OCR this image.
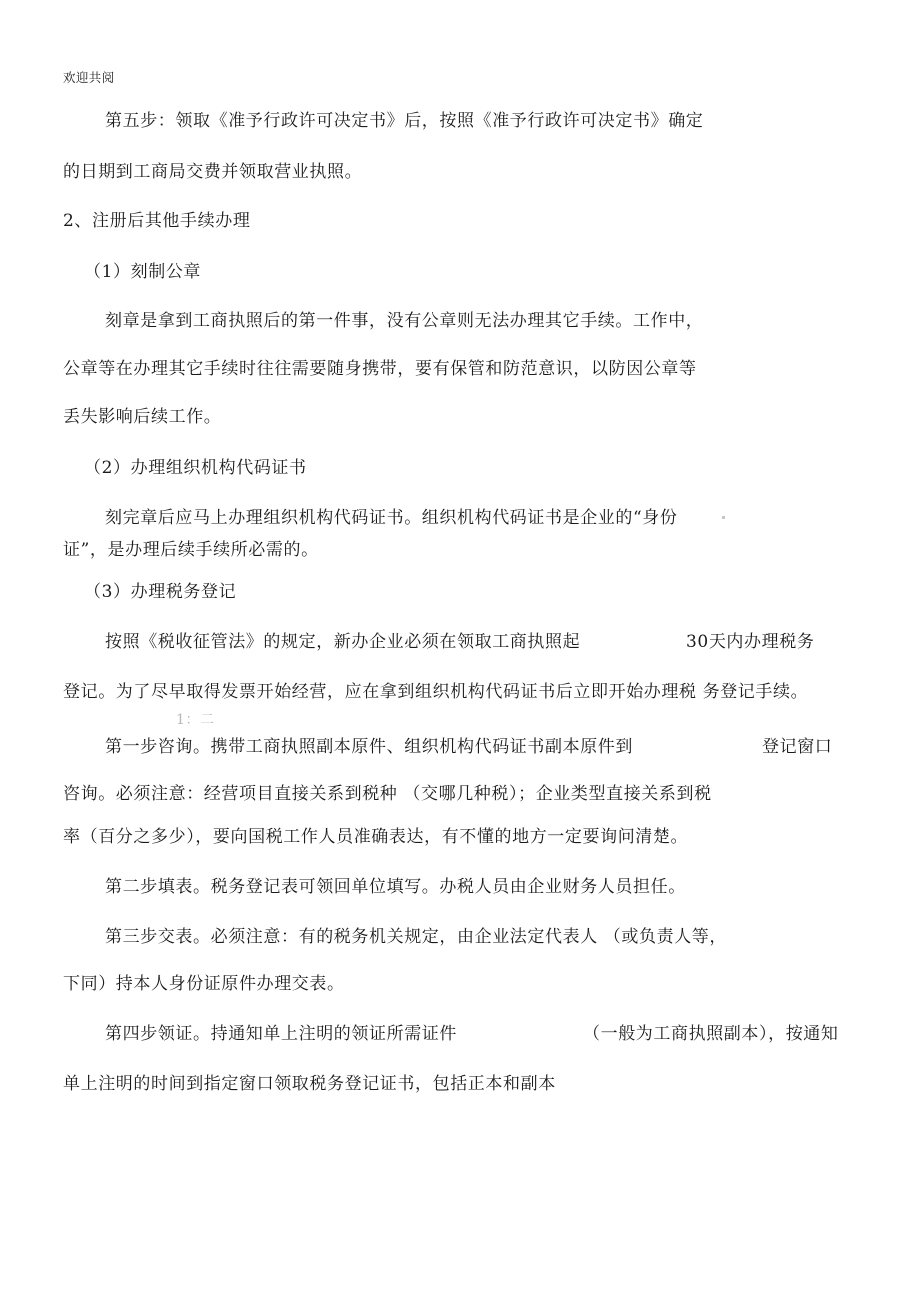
欢迎共阅
第五步：领取《准予行政许可决定书》后，按照《准予行政许可决定书》确定
的日期到工商局交费并领取营业执照。
2、注册后其他手续办理
（1）刻制公章
刻章是拿到工商执照后的第一件事，没有公章则无法办理其它手续。工作中，
公章等在办理其它手续时往往需要随身携带，要有保管和防范意识，以防因公章等
丢失影响后续工作。
（2）办理组织机构代码证书
刻完章后应马上办理组织机构代码证书。组织机构代码证书是企业的“身份
证”，是办理后续手续所必需的。
（3）办理税务登记
按照《税收征管法》的规定，新办企业必须在领取工商执照起	30天内办理税务
登记。为了尽早取得发票开始经营，应在拿到组织机构代码证书后立即开始办理税 务登记手续。
1：二
第一步咨询。携带工商执照副本原件、组织机构代码证书副本原件到	登记窗口
咨询。必须注意：经营项目直接关系到税种 （交哪几种税）；企业类型直接关系到税
率（百分之多少），要向国税工作人员准确表达，有不懂的地方一定要询问清楚。
第二步填表。税务登记表可领回单位填写。办税人员由企业财务人员担任。
第三步交表。必须注意：有的税务机关规定，由企业法定代表人 （或负责人等，
下同）持本人身份证原件办理交表。
第四步领证。持通知单上注明的领证所需证件	（一般为工商执照副本），按通知
单上注明的时间到指定窗口领取税务登记证书，包括正本和副本
